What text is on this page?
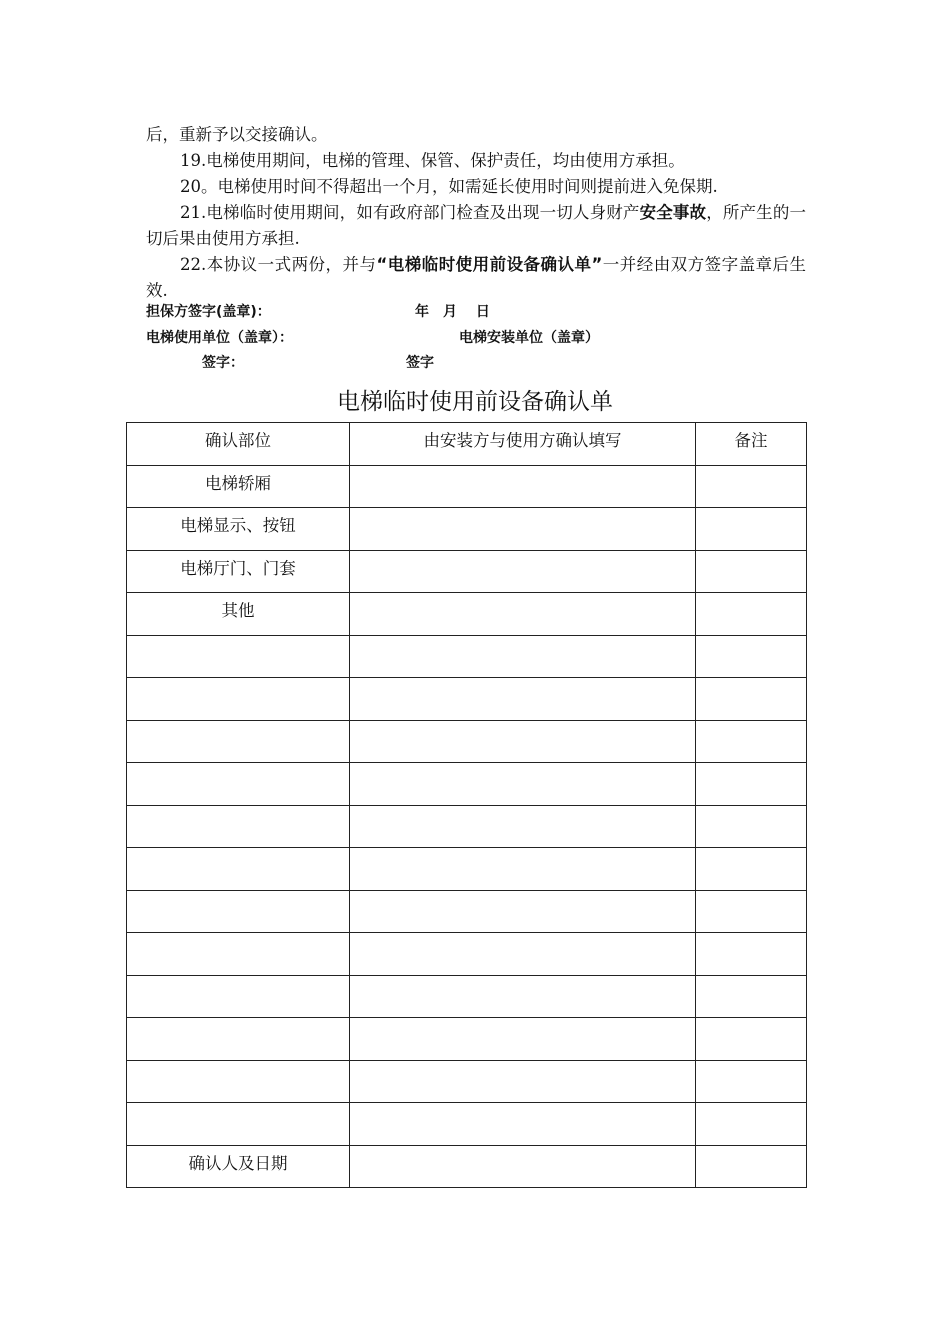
后，重新予以交接确认。

19.电梯使用期间，电梯的管理、保管、保护责任，均由使用方承担。

20。电梯使用时间不得超出一个月，如需延长使用时间则提前进入免保期.

21.电梯临时使用期间，如有政府部门检查及出现一切人身财产安全事故，所产生的一切后果由使用方承担.

22.本协议一式两份，并与“电梯临时使用前设备确认单”一并经由双方签字盖章后生效.

担保方签字(盖章)：	年　月　 日
电梯使用单位（盖章）：	电梯安装单位（盖章）
签字：	签字
电梯临时使用前设备确认单
确认部位	由安装方与使用方确认填写	备注
电梯轿厢		
电梯显示、按钮		
电梯厅门、门套		
其他		

确认人及日期		
